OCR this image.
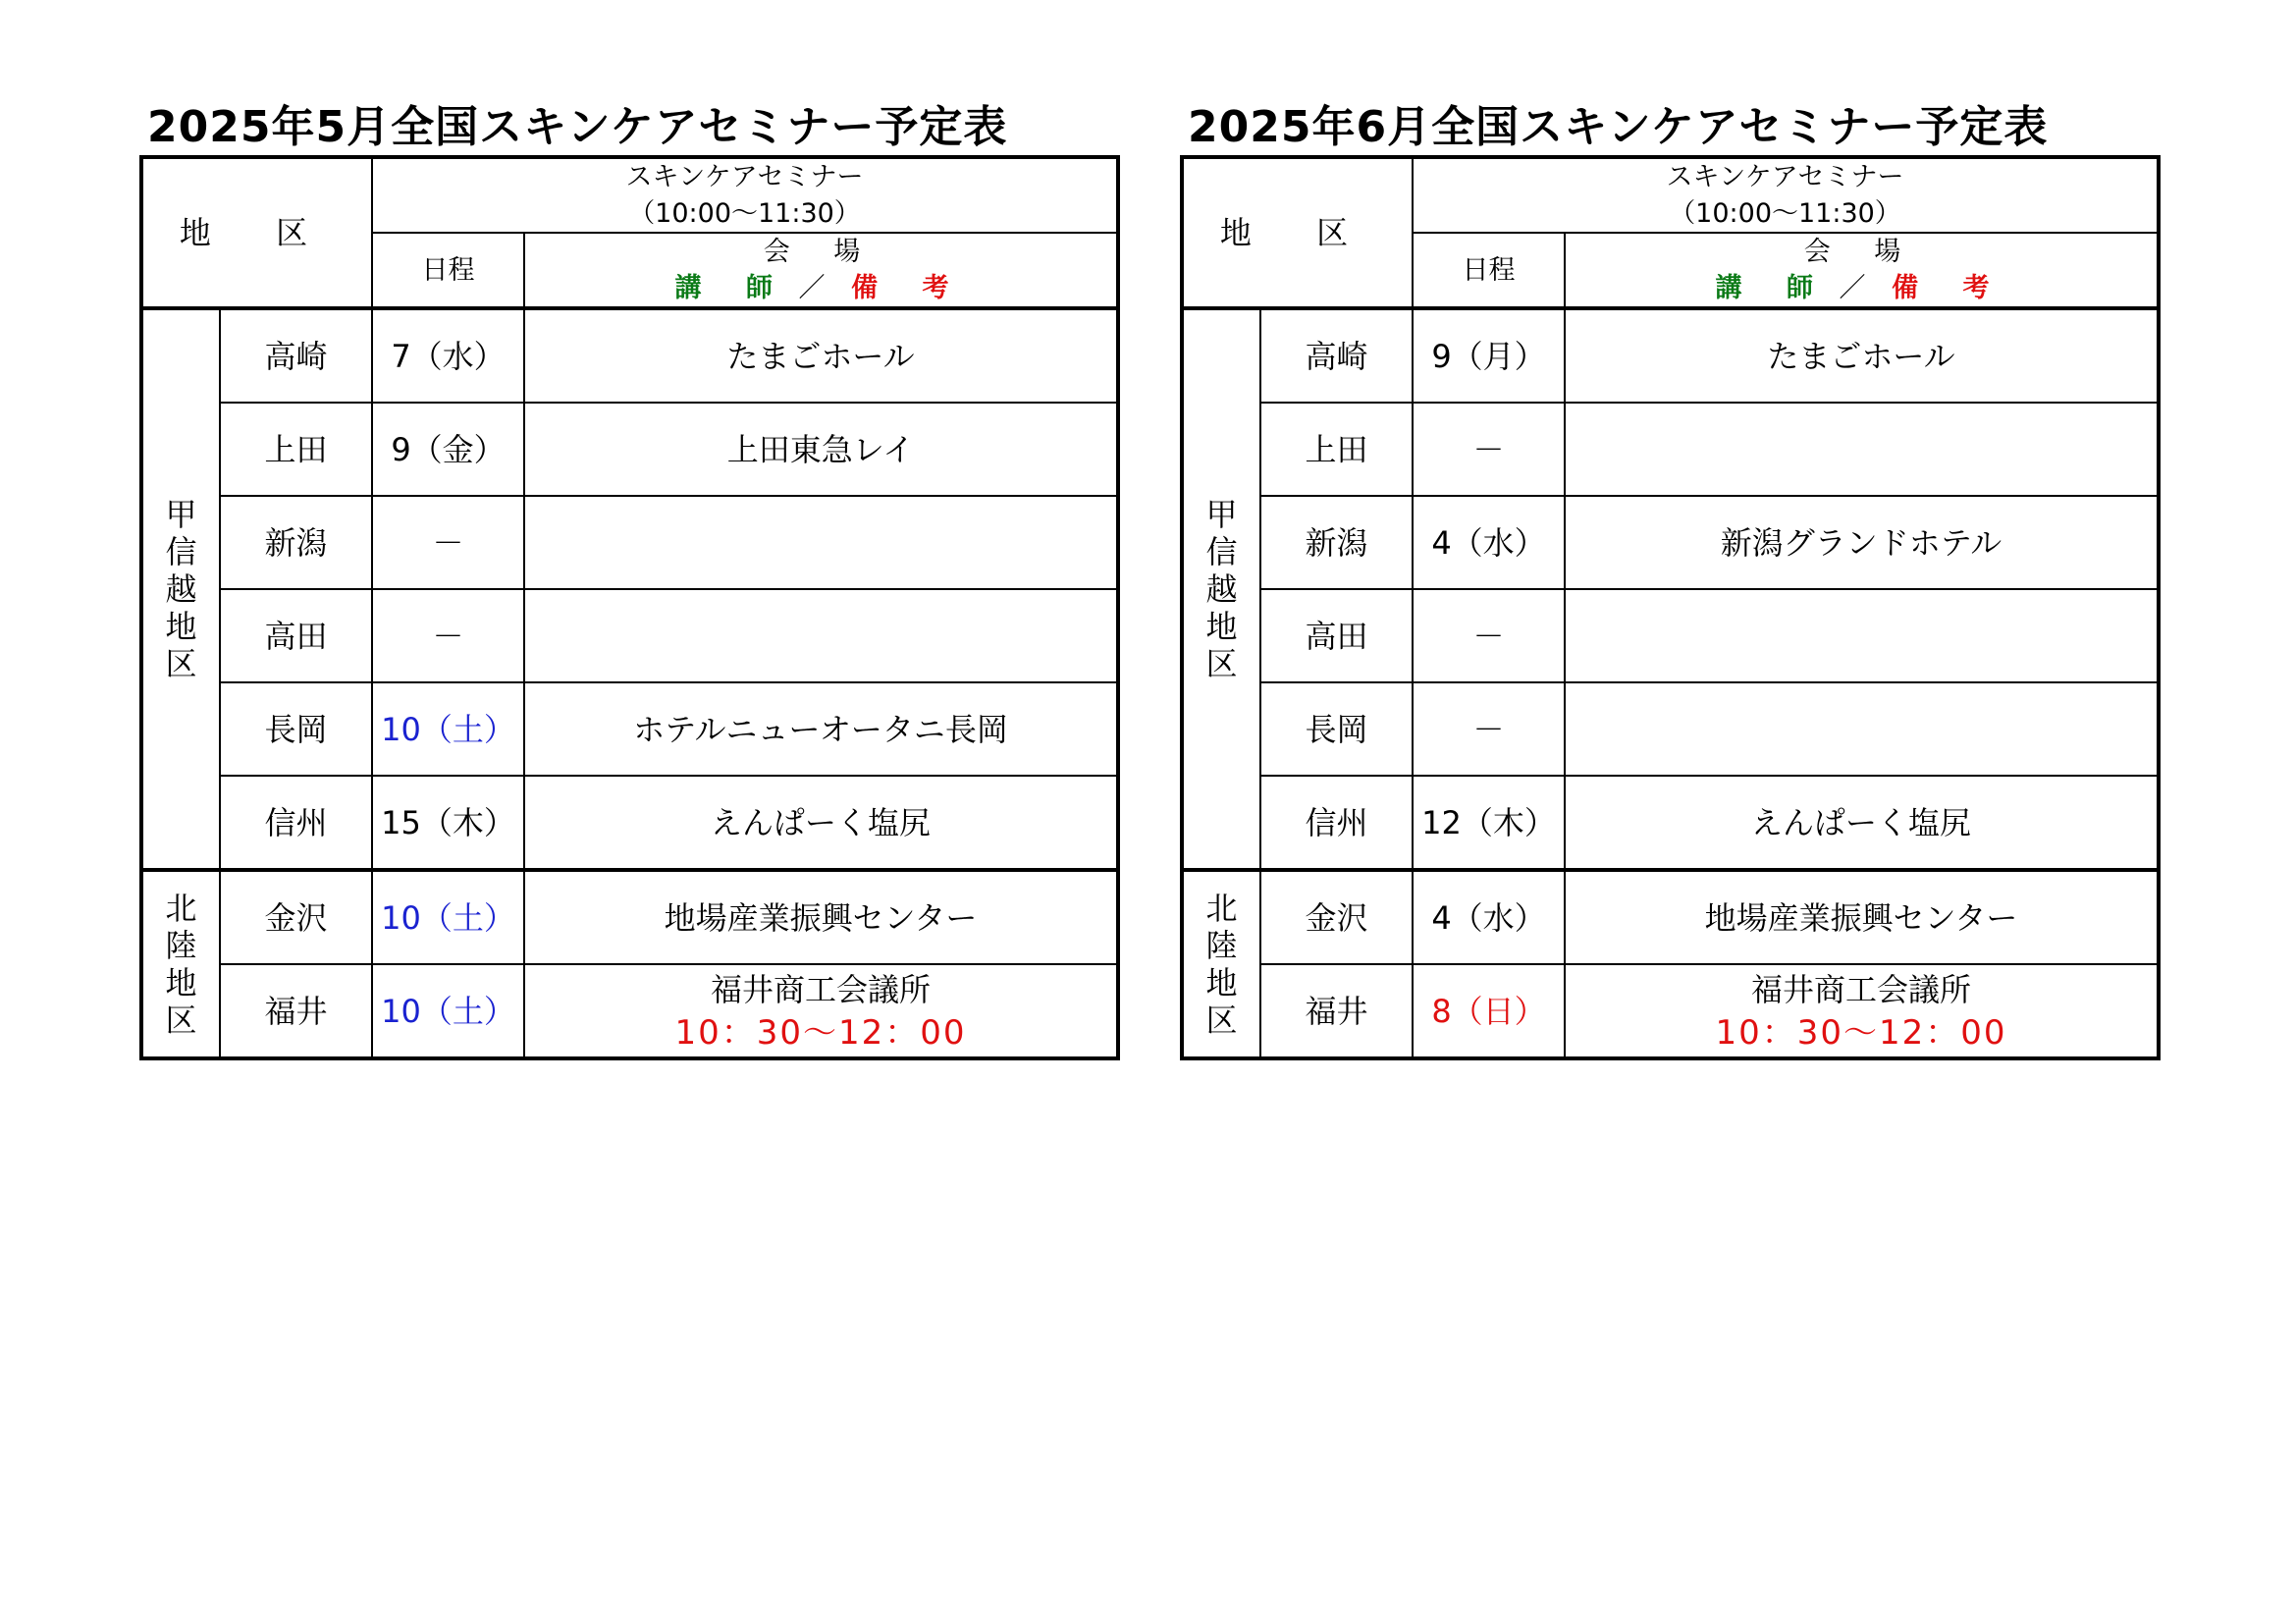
2025年5月全国スキンケアセミナー予定表
地 区		スキンケアセミナー
（10:00～11:30）	

		日程	会 場
講 師 ／ 備 考

甲
信
越
地
区	高崎	7（水）	たまごホール

	上田	9（金）	上田東急レイ

	新潟	－	

	高田	－	

	長岡	10（土）	ホテルニューオータニ長岡

	信州	15（木）	えんぱーく塩尻

北
陸
地
区	金沢	10（土）	地場産業振興センター

	福井	10（土）	福井商工会議所
10：30～12：00
2025年6月全国スキンケアセミナー予定表
地 区		スキンケアセミナー
（10:00～11:30）	

		日程	会 場
講 師 ／ 備 考

甲
信
越
地
区	高崎	9（月）	たまごホール

	上田	－	

	新潟	4（水）	新潟グランドホテル

	高田	－	

	長岡	－	

	信州	12（木）	えんぱーく塩尻

北
陸
地
区	金沢	4（水）	地場産業振興センター

	福井	8（日）	福井商工会議所
10：30～12：00
